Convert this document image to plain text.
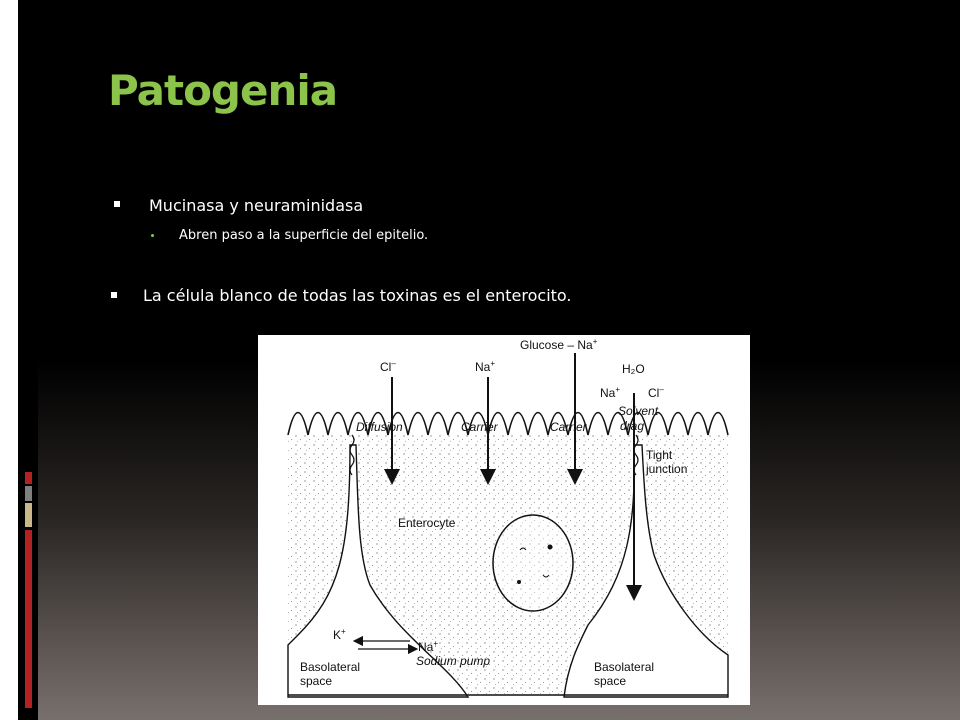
Patogenia
Mucinasa y neuraminidasa
Abren paso a la superficie del epitelio.
La célula blanco de todas las toxinas es el enterocito.
Cl–	Na+
Glucose – Na+
H₂O
Na+ Cl–
Diffusion	Carrier	Carrier
Solvent
drag
Tight
junction
Enterocyte
K+
Na+
Sodium pump
Basolateral
space
Basolateral
space
